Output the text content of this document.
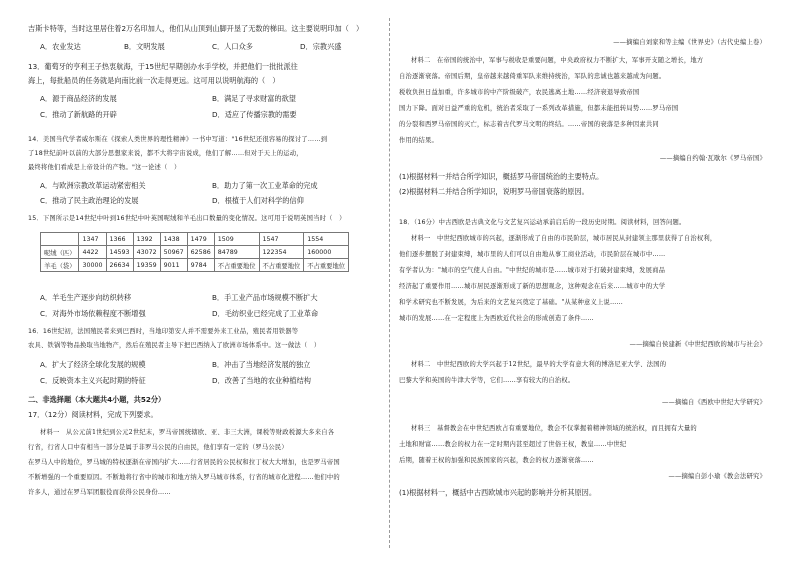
吉斯卡特等，当时这里居住着2万名印加人，他们从山顶到山脚开垦了无数的梯田。这主要说明印加（　）
A．农业发达	B．文明发展	C．人口众多	D．宗教兴盛
13．葡萄牙的亨利王子热衷航海，于15世纪早期创办水手学校，并把他们一批批派往
海上，每批船员的任务就是向南比前一次走得更远。这可用以说明航海的（　）
A．源于商品经济的发展	B．满足了寻求财富的欲望
C．推动了新航路的开辟	D．适应了传播宗教的需要
14．美国当代学者威尔斯在《探索人类世界的理性精神》一书中写道："16世纪还很容易的探讨了……到
了18世纪前叶以前的大部分思想家来说，都不大将宇宙说成，他们了解……但对于天上的运动，
最终将他们看成是上帝设计的产物。"这一论述（　）
A．与欧洲宗教改革运动紧密相关	B．助力了第一次工业革命的完成
C．推动了民主政治理论的发展	D．根植于人们对科学的信仰
15．下图所示是14世纪中叶到16世纪中叶英国呢绒和羊毛出口数量的变化情况。这可用于说明英国当时（　）
	1347	1366	1392	1438	1479	1509	1547	1554
呢绒（匹）	4422	14593	43072	50967	62586	84789	122354	160000
羊毛（袋）	30000	26634	19359	9011	9784	不占重要地位	不占重要地位	不占重要地位
A．羊毛生产逐步向纺织转移	B．手工业产品市场规模不断扩大
C．对海外市场依赖程度不断增强	D．毛纺织业已经完成了工业革命
16．16世纪初，法国殖民者来到巴西时，当地印第安人并不需要外来工业品，殖民者用铁器等
农具、铁锅等物品换取当地物产，然后在殖民者主导下把巴西纳入了欧洲市场体系中。这一做法（　）
A．扩大了经济全球化发展的规模	B．冲击了当地经济发展的独立
C．反映资本主义兴起时期的特征	D．改善了当地的农业种植结构
二、非选择题（本大题共4小题，共52分）
17．（12分）阅读材料，完成下列要求。
材料一　从公元前1世纪到公元2世纪末，罗马帝国统辖欧、亚、非三大洲，课税等财政税源大多来自各
行省，行省人口中有相当一部分是属于非罗马公民的自由民，他们享有一定的（罗马公民）
在罗马人中的地位，罗马城的特权逐渐在帝国内扩大……行省居民的公民权和拉丁权大大增加，也是罗马帝国
不断增强的一个重要原因。不断地将行省中的城市和地方纳入罗马城市体系，行省的城市化进程……他们中的
许多人，通过在罗马军团服役而获得公民身份……
——摘编自刘家和等主编《世界史》（古代史编上卷）
材料二　在帝国的统治中，军事与税收是重要问题，中央政府权力不断扩大，军事开支随之增长，地方
自治逐渐衰落。帝国后期，皇帝越来越倚重军队来维持统治，军队的忠诚也越来越成为问题。
税收负担日益加重，许多城市的中产阶级破产，农民逃离土地……经济衰退导致帝国
国力下降。面对日益严重的危机，统治者采取了一系列改革措施，但都未能扭转局势……罗马帝国
的分裂和西罗马帝国的灭亡，标志着古代罗马文明的终结。……帝国的衰落是多种因素共同
作用的结果。
——摘编自约翰·瓦歇尔《罗马帝国》
(1)根据材料一并结合所学知识，概括罗马帝国统治的主要特点。
(2)根据材料二并结合所学知识，说明罗马帝国衰落的原因。
18．（16分）中古西欧是古典文化与文艺复兴运动承前启后的一段历史时期。阅读材料，回答问题。
材料一　中世纪西欧城市的兴起，逐渐形成了自由的市民阶层，城市居民从封建领主那里获得了自治权利，
他们逐步摆脱了封建束缚，城市里的人们可以自由地从事工商业活动，市民阶层在城市中……
有学者认为："城市的空气使人自由。"中世纪的城市是……城市对于打破封建束缚，发展商品
经济起了重要作用……城市居民逐渐形成了新的思想观念，这种观念在后来……城市中的大学
和学术研究也不断发展，为后来的文艺复兴奠定了基础。"从某种意义上说……
城市的发展……在一定程度上为西欧近代社会的形成创造了条件……
——摘编自侯建新《中世纪西欧的城市与社会》
材料二　中世纪西欧的大学兴起于12世纪，最早的大学有意大利的博洛尼亚大学、法国的
巴黎大学和英国的牛津大学等，它们……享有较大的自治权。
——摘编自《西欧中世纪大学研究》
材料三　基督教会在中世纪西欧占有重要地位，教会不仅掌握着精神领域的统治权，而且拥有大量的
土地和财富……教会的权力在一定时期内甚至超过了世俗王权，教皇……中世纪
后期，随着王权的加强和民族国家的兴起，教会的权力逐渐衰落……
——摘编自彭小瑜《教会法研究》
(1)根据材料一，概括中古西欧城市兴起的影响并分析其原因。
